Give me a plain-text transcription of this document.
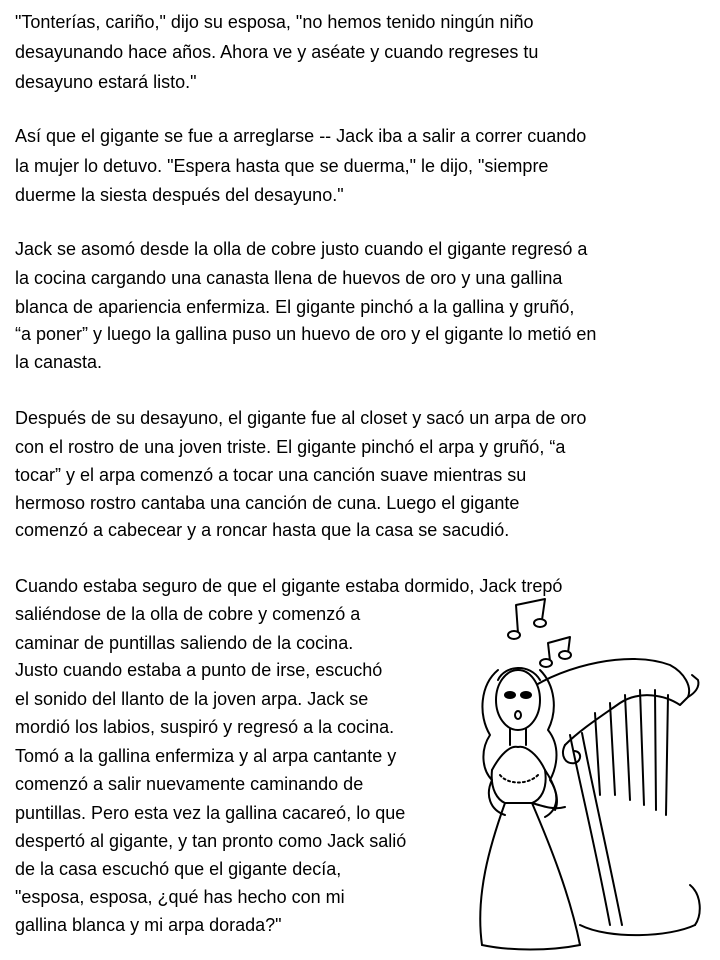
"Tonterías, cariño," dijo su esposa, "no hemos tenido ningún niño
desayunando hace años. Ahora ve y aséate y cuando regreses tu
desayuno estará listo."
Así que el gigante se fue a arreglarse -- Jack iba a salir a correr cuando
la mujer lo detuvo. "Espera hasta que se duerma," le dijo, "siempre
duerme la siesta después del desayuno."
Jack se asomó desde la olla de cobre justo cuando el gigante regresó a
la cocina cargando una canasta llena de huevos de oro y una gallina
blanca de apariencia enfermiza. El gigante pinchó a la gallina y gruñó,
“a poner” y luego la gallina puso un huevo de oro y el gigante lo metió en
la canasta.
Después de su desayuno, el gigante fue al closet y sacó un arpa de oro
con el rostro de una joven triste. El gigante pinchó el arpa y gruñó, “a
tocar” y el arpa comenzó a tocar una canción suave mientras su
hermoso rostro cantaba una canción de cuna. Luego el gigante
comenzó a cabecear y a roncar hasta que la casa se sacudió.
Cuando estaba seguro de que el gigante estaba dormido, Jack trepó
saliéndose de la olla de cobre y comenzó a
caminar de puntillas saliendo de la cocina.
Justo cuando estaba a punto de irse, escuchó
el sonido del llanto de la joven arpa. Jack se
mordió los labios, suspiró y regresó a la cocina.
Tomó a la gallina enfermiza y al arpa cantante y
comenzó a salir nuevamente caminando de
puntillas. Pero esta vez la gallina cacareó, lo que
despertó al gigante, y tan pronto como Jack salió
de la casa escuchó que el gigante decía,
"esposa, esposa, ¿qué has hecho con mi
gallina blanca y mi arpa dorada?"
